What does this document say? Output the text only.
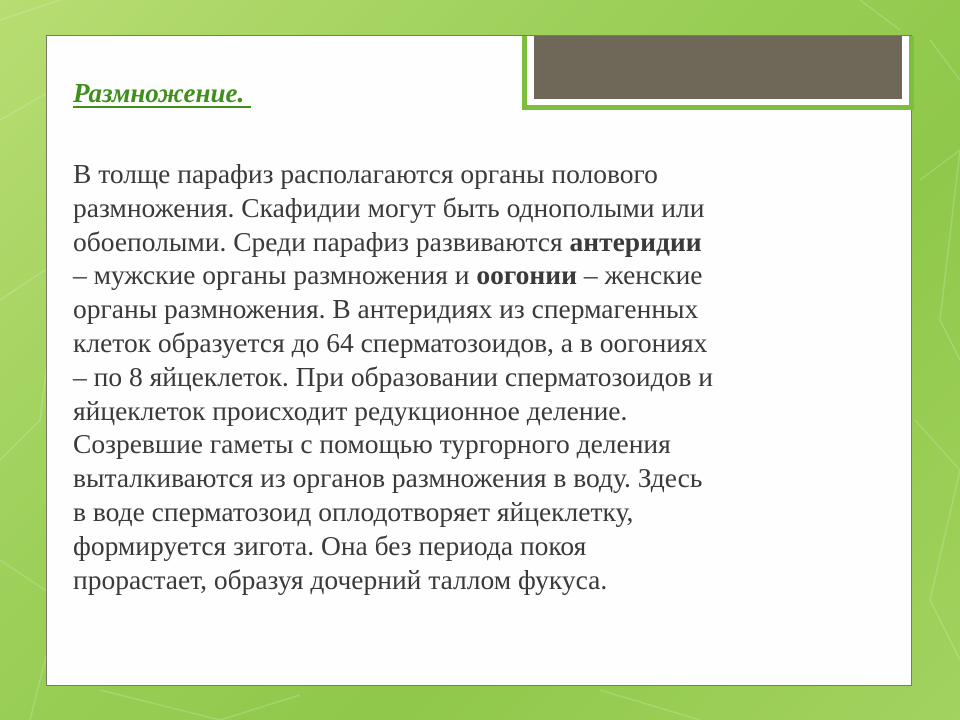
Размножение.

В толще парафиз располагаются органы полового
размножения. Скафидии могут быть однополыми или
обоеполыми. Среди парафиз развиваются антеридии
– мужские органы размножения и оогонии – женские
органы размножения. В антеридиях из спермагенных
клеток образуется до 64 сперматозоидов, а в оогониях
– по 8 яйцеклеток. При образовании сперматозоидов и
яйцеклеток происходит редукционное деление.
Созревшие гаметы с помощью тургорного деления
выталкиваются из органов размножения в воду. Здесь
в воде сперматозоид оплодотворяет яйцеклетку,
формируется зигота. Она без периода покоя
прорастает, образуя дочерний таллом фукуса.
